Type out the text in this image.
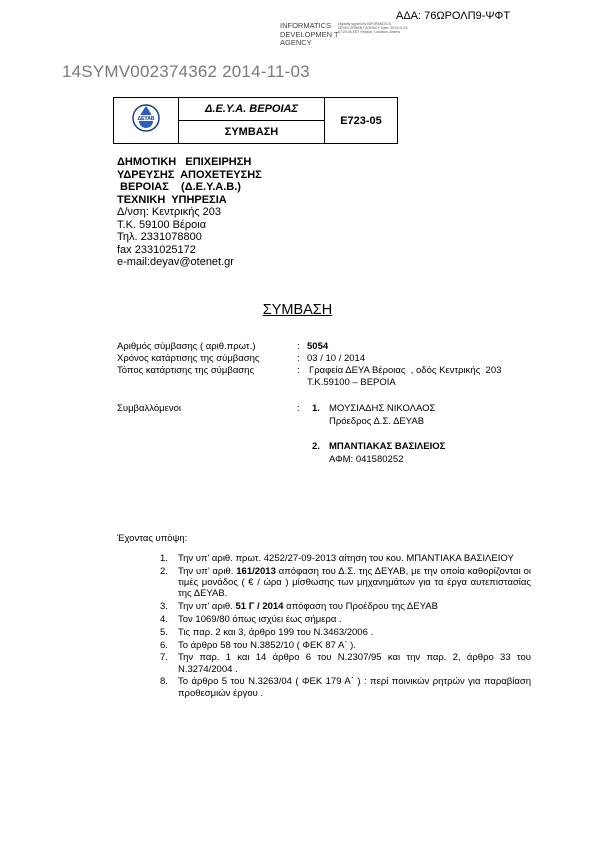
ΑΔΑ: 76ΩΡΟΛΠ9-ΨΦΤ
INFORMATICS DEVELOPMEN T AGENCY
Digitally signed by INFORMATICS DEVELOPMENT AGENCY Date: 2014.11.03 07:20:46 EET Reason: Location: Athens
14SYMV002374362 2014-11-03
ΔΕΥΑΒ
	Δ.Ε.Υ.Α. ΒΕΡΟΙΑΣ	Ε723-05
ΣΥΜΒΑΣΗ
ΔΗΜΟΤΙΚΗ   ΕΠΙΧΕΙΡΗΣΗ
ΥΔΡΕΥΣΗΣ  ΑΠΟΧΕΤΕΥΣΗΣ
ΒΕΡΟΙΑΣ    (Δ.Ε.Υ.Α.Β.)
ΤΕΧΝΙΚΗ  ΥΠΗΡΕΣΙΑ
Δ/νση: Κεντρικής 203
Τ.Κ. 59100 Βέροια
Τηλ. 2331078800
fax 2331025172
e-mail:deyav@otenet.gr
ΣΥΜΒΑΣΗ
Αριθμός σύμβασης ( αριθ.πρωτ.)	: 5054
Χρόνος κατάρτισης της σύμβασης	: 03 / 10 / 2014
Τόπος κατάρτισης της σύμβασης	: Γραφεία ΔΕΥΑ Βέροιας  , οδός Κεντρικής  203
Τ.Κ.59100 – ΒΕΡΟΙΑ
Συμβαλλόμενοι	: 1. ΜΟΥΣΙΑΔΗΣ ΝΙΚΟΛΑΟΣ
Πρόεδρος Δ.Σ. ΔΕΥΑΒ
2. ΜΠΑΝΤΙΑΚΑΣ ΒΑΣΙΛΕΙΟΣ
ΑΦΜ: 041580252
Έχοντας υπόψη:
1. Την υπ’ αριθ. πρωτ. 4252/27-09-2013 αίτηση του κου. ΜΠΑΝΤΙΑΚΑ ΒΑΣΙΛΕΙΟΥ
2. Την υπ’ αριθ. 161/2013 απόφαση του Δ.Σ. της ΔΕΥΑΒ, με την οποία καθορίζονται οι τιμές μονάδος ( € / ώρα ) μίσθωσης των μηχανημάτων για τα έργα αυτεπιστασίας της ΔΕΥΑΒ.
3. Την υπ’ αριθ. 51 Γ / 2014 απόφαση του Προέδρου της ΔΕΥΑΒ
4. Τον 1069/80 όπως ισχύει έως σήμερα .
5. Τις παρ. 2 και 3, άρθρο 199 του Ν.3463/2006 .
6. Το άρθρο 58 του Ν.3852/10 ( ΦΕΚ 87 Α΄ ).
7. Την παρ. 1 και 14 άρθρο 6 του Ν.2307/95 και την παρ. 2, άρθρο 33 του Ν.3274/2004 .
8. Το άρθρο 5 του Ν.3263/04 ( ΦΕΚ 179 Α΄ ) : περί ποινικών ρητρών για παραβίαση προθεσμιών έργου .
